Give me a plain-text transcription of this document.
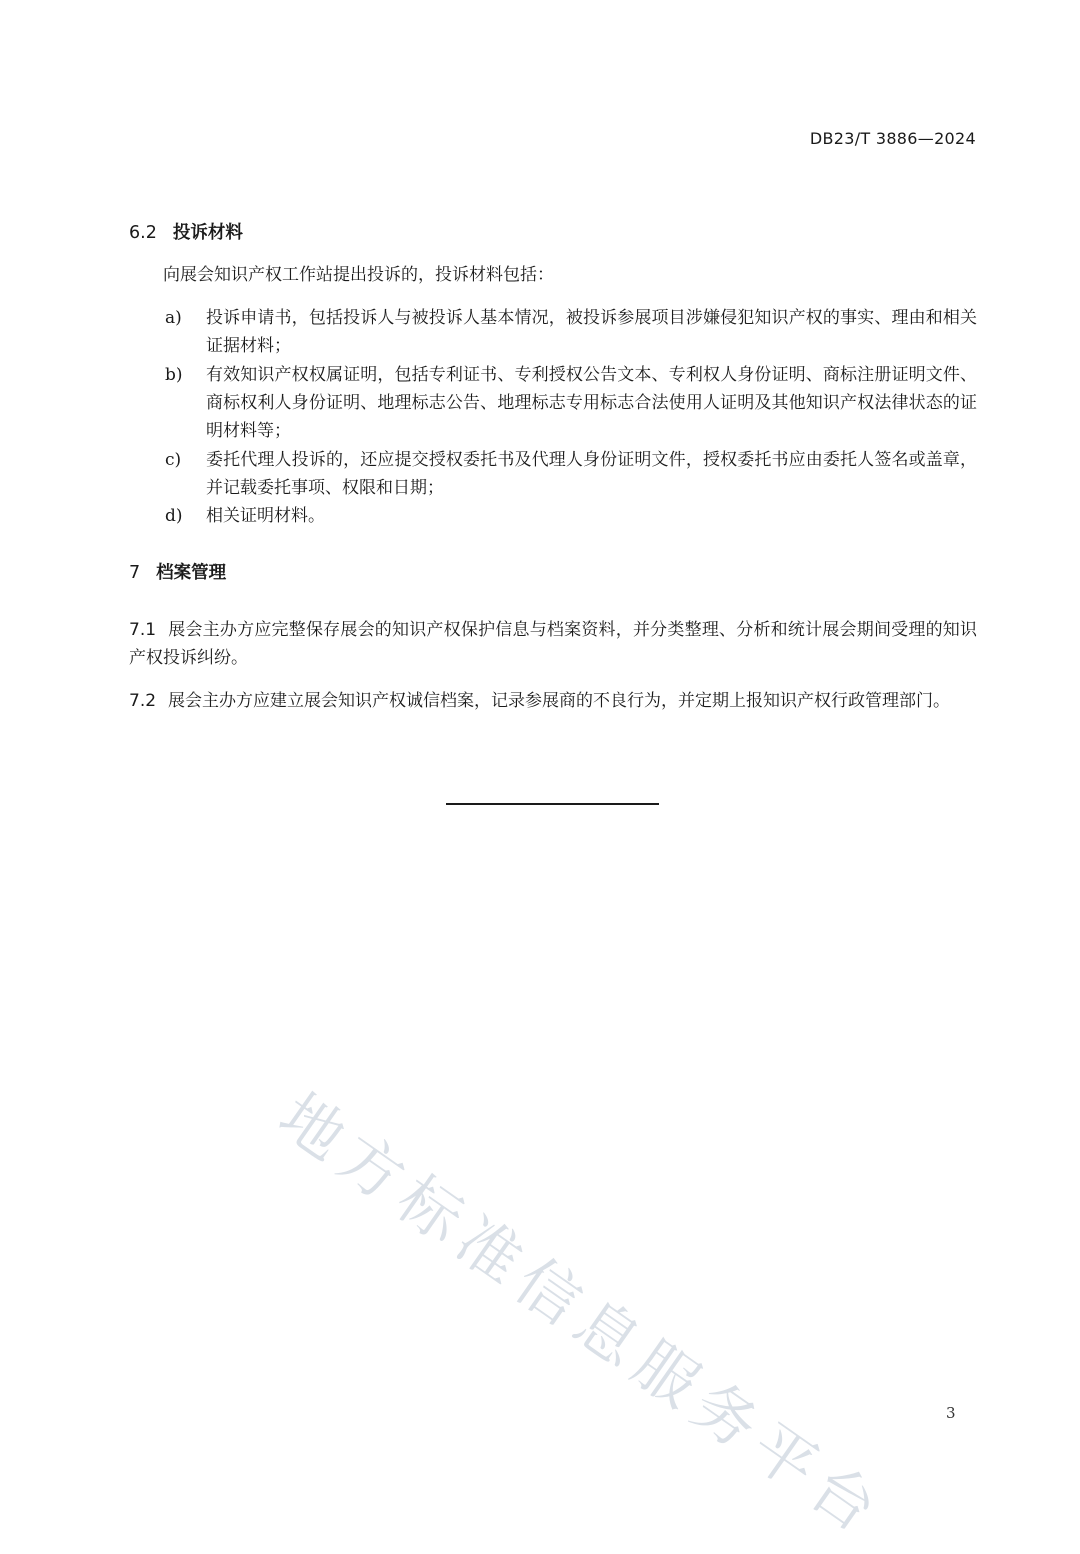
DB23/T 3886—2024
6.2 投诉材料
向展会知识产权工作站提出投诉的，投诉材料包括：
a)	投诉申请书，包括投诉人与被投诉人基本情况，被投诉参展项目涉嫌侵犯知识产权的事实、理由和相关证据材料；
b)	有效知识产权权属证明，包括专利证书、专利授权公告文本、专利权人身份证明、商标注册证明文件、商标权利人身份证明、地理标志公告、地理标志专用标志合法使用人证明及其他知识产权法律状态的证明材料等；
c)	委托代理人投诉的，还应提交授权委托书及代理人身份证明文件，授权委托书应由委托人签名或盖章，并记载委托事项、权限和日期；
d)	相关证明材料。
7 档案管理
7.1 展会主办方应完整保存展会的知识产权保护信息与档案资料，并分类整理、分析和统计展会期间受理的知识产权投诉纠纷。
7.2 展会主办方应建立展会知识产权诚信档案，记录参展商的不良行为，并定期上报知识产权行政管理部门。
地方标准信息服务平台	3
